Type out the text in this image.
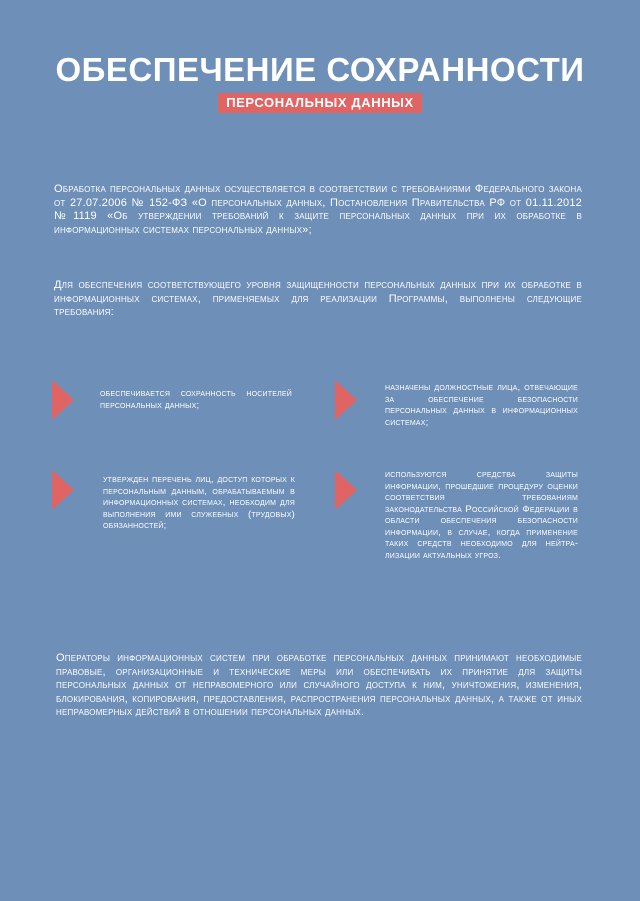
ОБЕСПЕЧЕНИЕ СОХРАННОСТИ
ПЕРСОНАЛЬНЫХ ДАННЫХ
Обработка персональных данных осуществляется в соответствии с требованиями Федерального закона от 27.07.2006 № 152-ФЗ «О персональных данных, Постановления Правительства РФ от 01.11.2012 №1119 «Об утверждении требований к защите персональных данных при их обработке в информационных системах персональных данных»;
Для обеспечения соответствующего уровня защищенности персональных данных при их обработке в информационных системах, применяемых для реализации Программы, выполнены следующие требования:
обеспечивается сохранность носителей персональных данных;
назначены должностные лица, отвечающие за обеспечение безопасности персональных данных в информационных системах;
утвержден перечень лиц, доступ которых к персональным данным, обрабатываемым в информационных системах, необходим для выполнения ими служебных (трудовых) обязанностей;
используются средства защиты информации, прошедшие процедуру оценки соответствия требованиям законодательства Российской Федерации в области обеспечения безопасности информации, в случае, когда применение таких средств необходимо для нейтрализации актуальных угроз.
Операторы информационных систем при обработке персональных данных принимают необходимые правовые, организационные и технические меры или обеспечивать их принятие для защиты персональных данных от неправомерного или случайного доступа к ним, уничтожения, изменения, блокирования, копирования, предоставления, распространения персональных данных, а также от иных неправомерных действий в отношении персональных данных.
